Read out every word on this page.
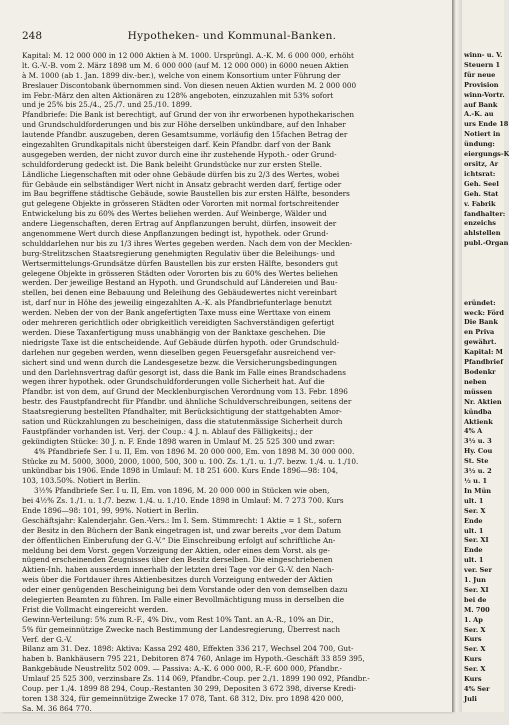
248	Hypotheken- und Kommunal-Banken.
Kapital: M. 12 000 000 in 12 000 Aktien à M. 1000. Ursprüngl. A.-K. M. 6 000 000, erhöht
lt. G.-V.-B. vom 2. März 1898 um M. 6 000 000 (auf M. 12 000 000) in 6000 neuen Aktien
à M. 1000 (ab 1. Jan. 1899 div.-ber.), welche von einem Konsortium unter Führung der
Breslauer Discontobank übernommen sind. Von diesen neuen Aktien wurden M. 2 000 000
im Febr.-März den alten Aktionären zu 128% angeboten, einzuzahlen mit 53% sofort
und je 25% bis 25./4., 25./7. und 25./10. 1899.
Pfandbriefe: Die Bank ist berechtigt, auf Grund der von ihr erworbenen hypothekarischen
und Grundschuldforderungen und bis zur Höhe derselben unkündbare, auf den Inhaber
lautende Pfandbr. auszugeben, deren Gesamtsumme, vorläufig den 15fachen Betrag der
eingezahlten Grundkapitals nicht übersteigen darf. Kein Pfandbr. darf von der Bank
ausgegeben werden, der nicht zuvor durch eine ihr zustehende Hypoth.- oder Grund-
schuldforderung gedeckt ist. Die Bank beleiht Grundstücke nur zur ersten Stelle.
Ländliche Liegenschaften mit oder ohne Gebäude dürfen bis zu 2/3 des Wertes, wobei
für Gebäude ein selbständiger Wert nicht in Ansatz gebracht werden darf, fertige oder
im Bau begriffene städtische Gebäude, sowie Baustellen bis zur ersten Hälfte, besonders
gut gelegene Objekte in grösseren Städten oder Vororten mit normal fortschreitender
Entwickelung bis zu 60% des Wertes beliehen werden. Auf Weinberge, Wälder und
andere Liegenschaften, deren Ertrag auf Anpflanzungen beruht, dürfen, insoweit der
angenommene Wert durch diese Anpflanzungen bedingt ist, hypothek. oder Grund-
schulddarlehen nur bis zu 1/3 ihres Wertes gegeben werden. Nach dem von der Mecklen-
burg-Strelitzschen Staatsregierung genehmigten Regulativ über die Beleihungs- und
Wertsermittelungs-Grundsätze dürfen Baustellen bis zur ersten Hälfte, besonders gut
gelegene Objekte in grösseren Städten oder Vororten bis zu 60% des Wertes beliehen
werden. Der jeweilige Bestand an Hypoth. und Grundschuld auf Ländereien und Bau-
stellen, bei denen eine Bebauung und Beleihung des Gebäudewertes nicht vereinbart
ist, darf nur in Höhe des jeweilig eingezahlten A.-K. als Pfandbriefunterlage benutzt
werden. Neben der von der Bank angefertigten Taxe muss eine Werttaxe von einem
oder mehreren gerichtlich oder obrigkeitlich vereidigten Sachverständigen gefertigt
werden. Diese Taxanfertigung muss unabhängig von der Banktaxe geschehen. Die
niedrigste Taxe ist die entscheidende. Auf Gebäude dürfen hypoth. oder Grundschuld-
darlehen nur gegeben werden, wenn dieselben gegen Feuersgefahr ausreichend ver-
sichert sind und wenn durch die Landesgesetze bezw. die Versicherungsbedingungen
und den Darlehnsvertrag dafür gesorgt ist, dass die Bank im Falle eines Brandschadens
wegen ihrer hypothek. oder Grundschuldforderungen volle Sicherheit hat. Auf die
Pfandbr. ist von dem, auf Grund der Mecklenburgischen Verordnung vom 13. Febr. 1896
bestr. des Faustpfandrecht für Pfandbr. und ähnliche Schuldverschreibungen, seitens der
Staatsregierung bestellten Pfandhalter, mit Berücksichtigung der stattgehabten Amor-
sation und Rückzahlungen zu bescheinigen, dass die statutenmässige Sicherheit durch
Faustpfänder vorhanden ist. Verj. der Coup.: 4 J. n. Ablauf des Fälligkeitsj.; der
gekündigten Stücke: 30 J. n. F. Ende 1898 waren in Umlauf M. 25 525 300 und zwar:
4% Pfandbriefe Ser. I u. II, Em. von 1896 M. 20 000 000, Em. von 1898 M. 30 000 000.
Stücke zu M. 5000, 3000, 2000, 1000, 500, 300 u. 100. Zs. 1./1. u. 1./7. bezw. 1./4. u. 1./10.
unkündbar bis 1906. Ende 1898 in Umlauf: M. 18 251 600. Kurs Ende 1896—98: 104,
103, 103.50%. Notiert in Berlin.
3½% Pfandbriefe Ser. I u. II, Em. von 1896, M. 20 000 000 in Stücken wie oben,
bei 4½% Zs. 1./1. u. 1./7. bezw. 1./4. u. 1./10. Ende 1898 in Umlauf: M. 7 273 700. Kurs
Ende 1896—98: 101, 99, 99%. Notiert in Berlin.
Geschäftsjahr: Kalenderjahr. Gen.-Vers.: Im I. Sem. Stimmrecht: 1 Aktie = 1 St., sofern
der Besitz in den Büchern der Bank eingetragen ist, und zwar bereits „vor dem Datum
der öffentlichen Einberufung der G.-V.“ Die Einschreibung erfolgt auf schriftliche An-
meldung bei dem Vorst. gegen Vorzeigung der Aktien, oder eines dem Vorst. als ge-
nügend erscheinenden Zeugnisses über den Besitz derselben. Die eingeschriebenen
Aktien-Inh. haben ausserdem innerhalb der letzten drei Tage vor der G.-V. den Nach-
weis über die Fortdauer ihres Aktienbesitzes durch Vorzeigung entweder der Aktien
oder einer genügenden Bescheinigung bei dem Vorstande oder den von demselben dazu
delegierten Beamten zu führen. Im Falle einer Bevollmächtigung muss in derselben die
Frist die Vollmacht eingereicht werden.
Gewinn-Verteilung: 5% zum R.-F., 4% Div., vom Rest 10% Tant. an A.-R., 10% an Dir.,
5% für gemeinnützige Zwecke nach Bestimmung der Landesregierung, Überrest nach
Verf. der G.-V.
Bilanz am 31. Dez. 1898: Aktiva: Kassa 292 480, Effekten 336 217, Wechsel 204 700, Gut-
haben b. Bankhäusern 795 221, Debitoren 874 760, Anlage im Hypoth.-Geschäft 33 859 395,
Bankgebäude Neustrelitz 502 009. — Passiva: A.-K. 6 000 000, R.-F. 600 000, Pfandbr.-
Umlauf 25 525 300, verzinsbare Zs. 114 069, Pfandbr.-Coup. per 2./1. 1899 190 092, Pfandbr.-
Coup. per 1./4. 1899 88 294, Coup.-Restanten 30 299, Depositen 3 672 398, diverse Kredi-
toren 138 324, für gemeinnützige Zwecke 17 078, Tant. 68 312, Div. pro 1898 420 000,
Sa. M. 36 864 770.
winn- u. V.
Steuern 1
für neue
Provision
winn-Vortr.
auf Bank
A.-K. au
urs Ende 18
Notiert in
ündung:
eiergungs-K
orsitz, Ar
ichtsrat:
Geh. Seel
Geh. Stat
v. Fabrik
fandhalter:
enzeichs
ahlstellen
publ.-Organ

eründet:
weck: Förd
Die Bank
en Priva
gewährt.
Kapital: M
Pfandbrief
Bodenkr
neben
müssen
Nr. Aktien
kündba
Aktienk
4% A
3½ u. 3
Hy. Cou
St. Ste
3½ u. 2
½ u. 1
In Mün
ult. 1
Ser. X
Ende
ult. 1
Ser. XI
Ende
ult. 1
ver. Ser
1. Jun
Ser. XI
bei de
M. 700
1. Ap
Ser. X
Kurs
Ser. X
Kurs
Ser. X
Kurs
4% Ser
Juli
